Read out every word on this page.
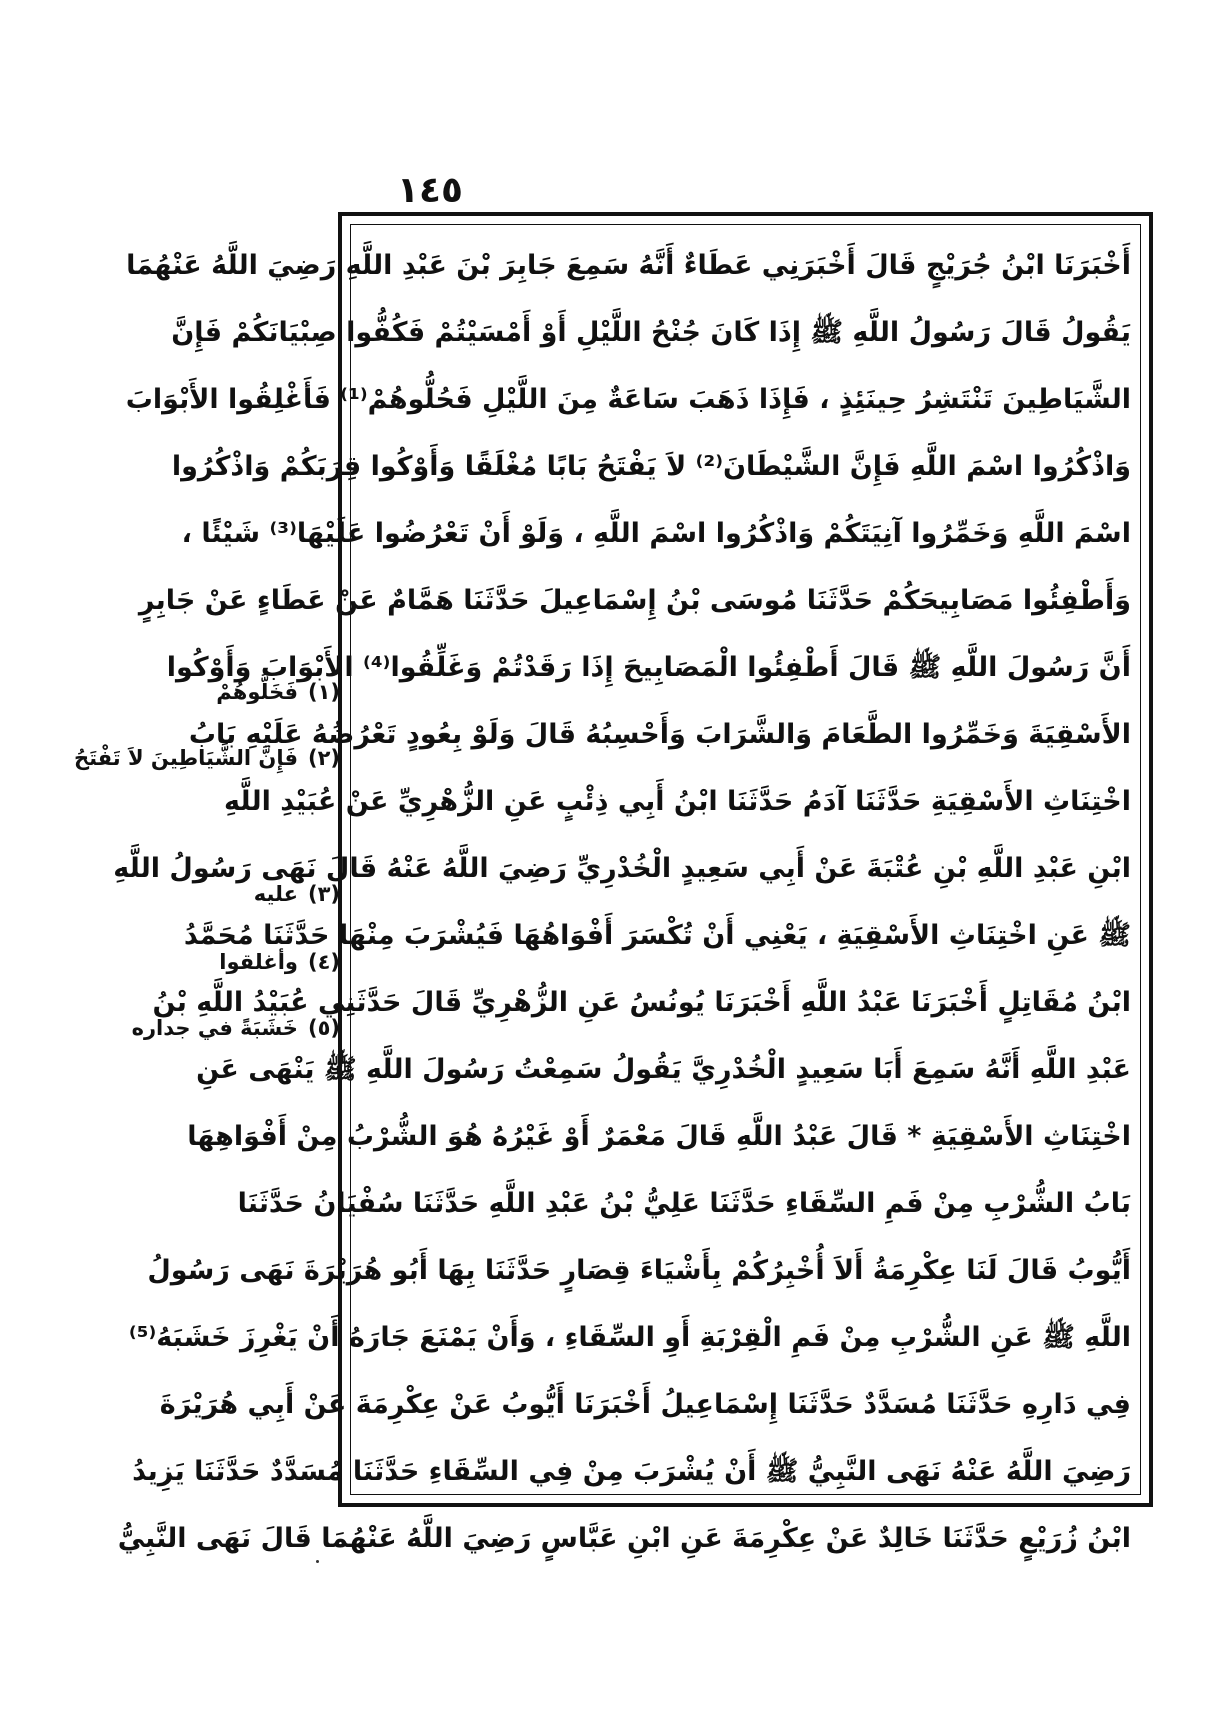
١٤٥
أَخْبَرَنَا ابْنُ جُرَيْجٍ قَالَ أَخْبَرَنِي عَطَاءٌ أَنَّهُ سَمِعَ جَابِرَ بْنَ عَبْدِ اللَّهِ رَضِيَ اللَّهُ عَنْهُمَا
يَقُولُ قَالَ رَسُولُ اللَّهِ ﷺ إِذَا كَانَ جُنْحُ اللَّيْلِ أَوْ أَمْسَيْتُمْ فَكُفُّوا صِبْيَانَكُمْ فَإِنَّ
الشَّيَاطِينَ تَنْتَشِرُ حِينَئِذٍ ، فَإِذَا ذَهَبَ سَاعَةٌ مِنَ اللَّيْلِ فَحُلُّوهُمْ⁽¹⁾ فَأَغْلِقُوا الأَبْوَابَ
وَاذْكُرُوا اسْمَ اللَّهِ فَإِنَّ الشَّيْطَانَ⁽²⁾ لاَ يَفْتَحُ بَابًا مُغْلَقًا وَأَوْكُوا قِرَبَكُمْ وَاذْكُرُوا
اسْمَ اللَّهِ وَخَمِّرُوا آنِيَتَكُمْ وَاذْكُرُوا اسْمَ اللَّهِ ، وَلَوْ أَنْ تَعْرُضُوا عَلَيْهَا⁽³⁾ شَيْئًا ،
وَأَطْفِئُوا مَصَابِيحَكُمْ حَدَّثَنَا مُوسَى بْنُ إِسْمَاعِيلَ حَدَّثَنَا هَمَّامٌ عَنْ عَطَاءٍ عَنْ جَابِرٍ
أَنَّ رَسُولَ اللَّهِ ﷺ قَالَ أَطْفِئُوا الْمَصَابِيحَ إِذَا رَقَدْتُمْ وَغَلِّقُوا⁽⁴⁾ الأَبْوَابَ وَأَوْكُوا
الأَسْقِيَةَ وَخَمِّرُوا الطَّعَامَ وَالشَّرَابَ وَأَحْسِبُهُ قَالَ وَلَوْ بِعُودٍ تَعْرُضُهُ عَلَيْهِ بَابُ
اخْتِنَاثِ الأَسْقِيَةِ حَدَّثَنَا آدَمُ حَدَّثَنَا ابْنُ أَبِي ذِئْبٍ عَنِ الزُّهْرِيِّ عَنْ عُبَيْدِ اللَّهِ
ابْنِ عَبْدِ اللَّهِ بْنِ عُتْبَةَ عَنْ أَبِي سَعِيدٍ الْخُدْرِيِّ رَضِيَ اللَّهُ عَنْهُ قَالَ نَهَى رَسُولُ اللَّهِ
ﷺ عَنِ اخْتِنَاثِ الأَسْقِيَةِ ، يَعْنِي أَنْ تُكْسَرَ أَفْوَاهُهَا فَيُشْرَبَ مِنْهَا حَدَّثَنَا مُحَمَّدُ
ابْنُ مُقَاتِلٍ أَخْبَرَنَا عَبْدُ اللَّهِ أَخْبَرَنَا يُونُسُ عَنِ الزُّهْرِيِّ قَالَ حَدَّثَنِي عُبَيْدُ اللَّهِ بْنُ
عَبْدِ اللَّهِ أَنَّهُ سَمِعَ أَبَا سَعِيدٍ الْخُدْرِيَّ يَقُولُ سَمِعْتُ رَسُولَ اللَّهِ ﷺ يَنْهَى عَنِ
اخْتِنَاثِ الأَسْقِيَةِ * قَالَ عَبْدُ اللَّهِ قَالَ مَعْمَرٌ أَوْ غَيْرُهُ هُوَ الشُّرْبُ مِنْ أَفْوَاهِهَا
بَابُ الشُّرْبِ مِنْ فَمِ السِّقَاءِ حَدَّثَنَا عَلِيُّ بْنُ عَبْدِ اللَّهِ حَدَّثَنَا سُفْيَانُ حَدَّثَنَا
أَيُّوبُ قَالَ لَنَا عِكْرِمَةُ أَلاَ أُخْبِرُكُمْ بِأَشْيَاءَ قِصَارٍ حَدَّثَنَا بِهَا أَبُو هُرَيْرَةَ نَهَى رَسُولُ
اللَّهِ ﷺ عَنِ الشُّرْبِ مِنْ فَمِ الْقِرْبَةِ أَوِ السِّقَاءِ ، وَأَنْ يَمْنَعَ جَارَهُ أَنْ يَغْرِزَ خَشَبَهُ⁽⁵⁾
فِي دَارِهِ حَدَّثَنَا مُسَدَّدٌ حَدَّثَنَا إِسْمَاعِيلُ أَخْبَرَنَا أَيُّوبُ عَنْ عِكْرِمَةَ عَنْ أَبِي هُرَيْرَةَ
رَضِيَ اللَّهُ عَنْهُ نَهَى النَّبِيُّ ﷺ أَنْ يُشْرَبَ مِنْ فِي السِّقَاءِ حَدَّثَنَا مُسَدَّدٌ حَدَّثَنَا يَزِيدُ
ابْنُ زُرَيْعٍ حَدَّثَنَا خَالِدٌ عَنْ عِكْرِمَةَ عَنِ ابْنِ عَبَّاسٍ رَضِيَ اللَّهُ عَنْهُمَا قَالَ نَهَى النَّبِيُّ
(١)فَخَلُّوهُمْ
(٢)فَإِنَّ الشَّيَاطِينَ لاَ تَفْتَحُ
(٣)عليه
(٤)وأغلقوا
(٥)خَشَبَةً في جداره
